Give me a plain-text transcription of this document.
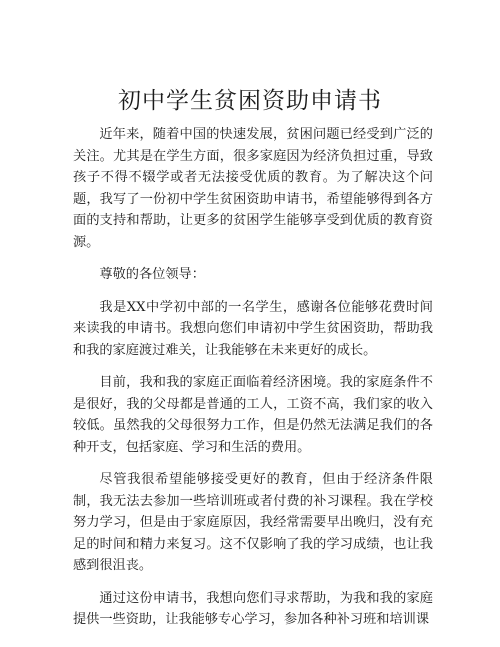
初中学生贫困资助申请书

近年来，随着中国的快速发展，贫困问题已经受到广泛的关注。尤其是在学生方面，很多家庭因为经济负担过重，导致孩子不得不辍学或者无法接受优质的教育。为了解决这个问题，我写了一份初中学生贫困资助申请书，希望能够得到各方面的支持和帮助，让更多的贫困学生能够享受到优质的教育资源。

尊敬的各位领导：

我是XX中学初中部的一名学生，感谢各位能够花费时间来读我的申请书。我想向您们申请初中学生贫困资助，帮助我和我的家庭渡过难关，让我能够在未来更好的成长。

目前，我和我的家庭正面临着经济困境。我的家庭条件不是很好，我的父母都是普通的工人，工资不高，我们家的收入较低。虽然我的父母很努力工作，但是仍然无法满足我们的各种开支，包括家庭、学习和生活的费用。

尽管我很希望能够接受更好的教育，但由于经济条件限制，我无法去参加一些培训班或者付费的补习课程。我在学校努力学习，但是由于家庭原因，我经常需要早出晚归，没有充足的时间和精力来复习。这不仅影响了我的学习成绩，也让我感到很沮丧。

通过这份申请书，我想向您们寻求帮助，为我和我的家庭提供一些资助，让我能够专心学习，参加各种补习班和培训课
